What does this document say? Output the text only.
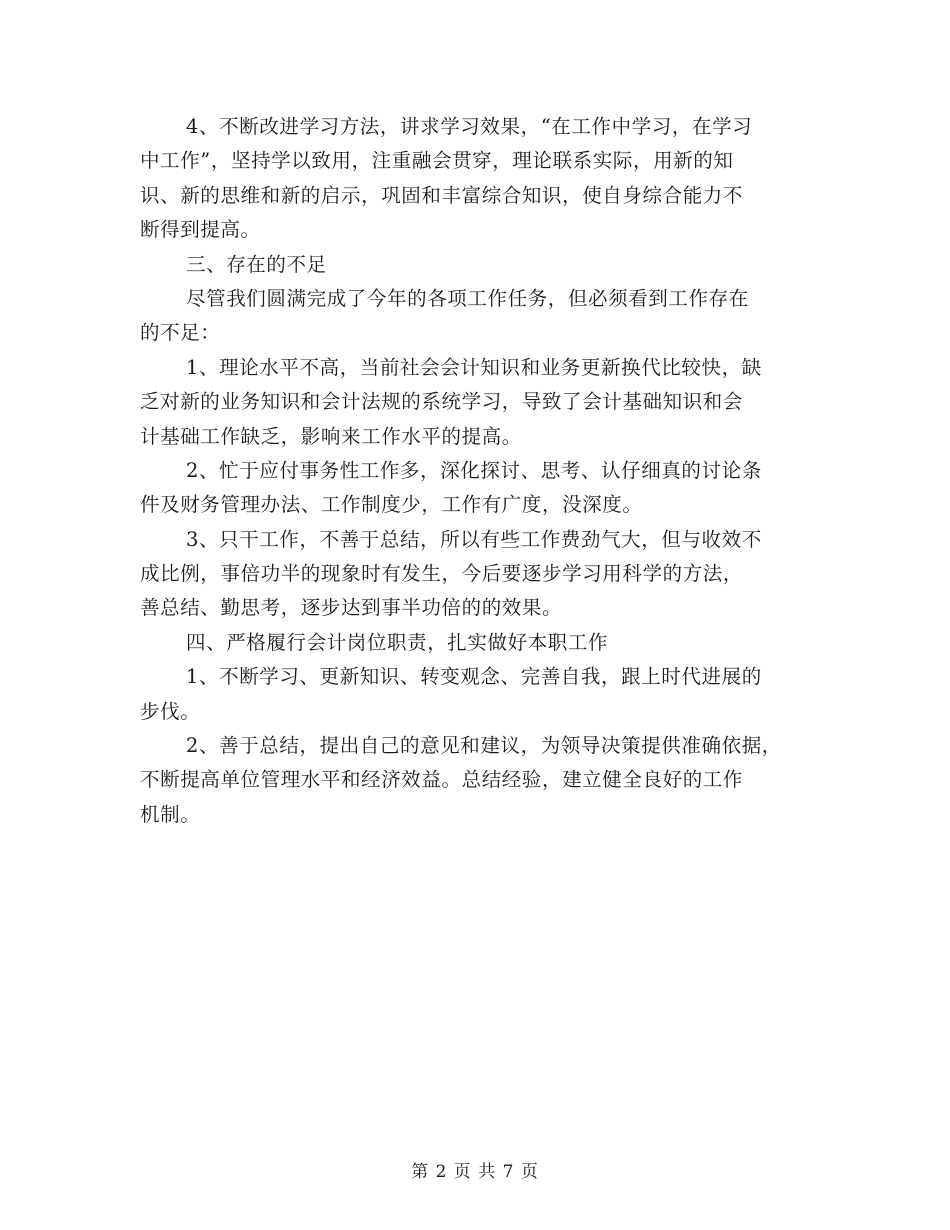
4、不断改进学习方法，讲求学习效果，“在工作中学习，在学习
中工作”，坚持学以致用，注重融会贯穿，理论联系实际，用新的知
识、新的思维和新的启示，巩固和丰富综合知识，使自身综合能力不
断得到提高。
三、存在的不足
尽管我们圆满完成了今年的各项工作任务，但必须看到工作存在
的不足：
1、理论水平不高，当前社会会计知识和业务更新换代比较快，缺
乏对新的业务知识和会计法规的系统学习，导致了会计基础知识和会
计基础工作缺乏，影响来工作水平的提高。
2、忙于应付事务性工作多，深化探讨、思考、认仔细真的讨论条
件及财务管理办法、工作制度少，工作有广度，没深度。
3、只干工作，不善于总结，所以有些工作费劲气大，但与收效不
成比例，事倍功半的现象时有发生，今后要逐步学习用科学的方法，
善总结、勤思考，逐步达到事半功倍的的效果。
四、严格履行会计岗位职责，扎实做好本职工作
1、不断学习、更新知识、转变观念、完善自我，跟上时代进展的
步伐。
2、善于总结，提出自己的意见和建议，为领导决策提供准确依据，
不断提高单位管理水平和经济效益。总结经验，建立健全良好的工作
机制。
第 2 页 共 7 页
